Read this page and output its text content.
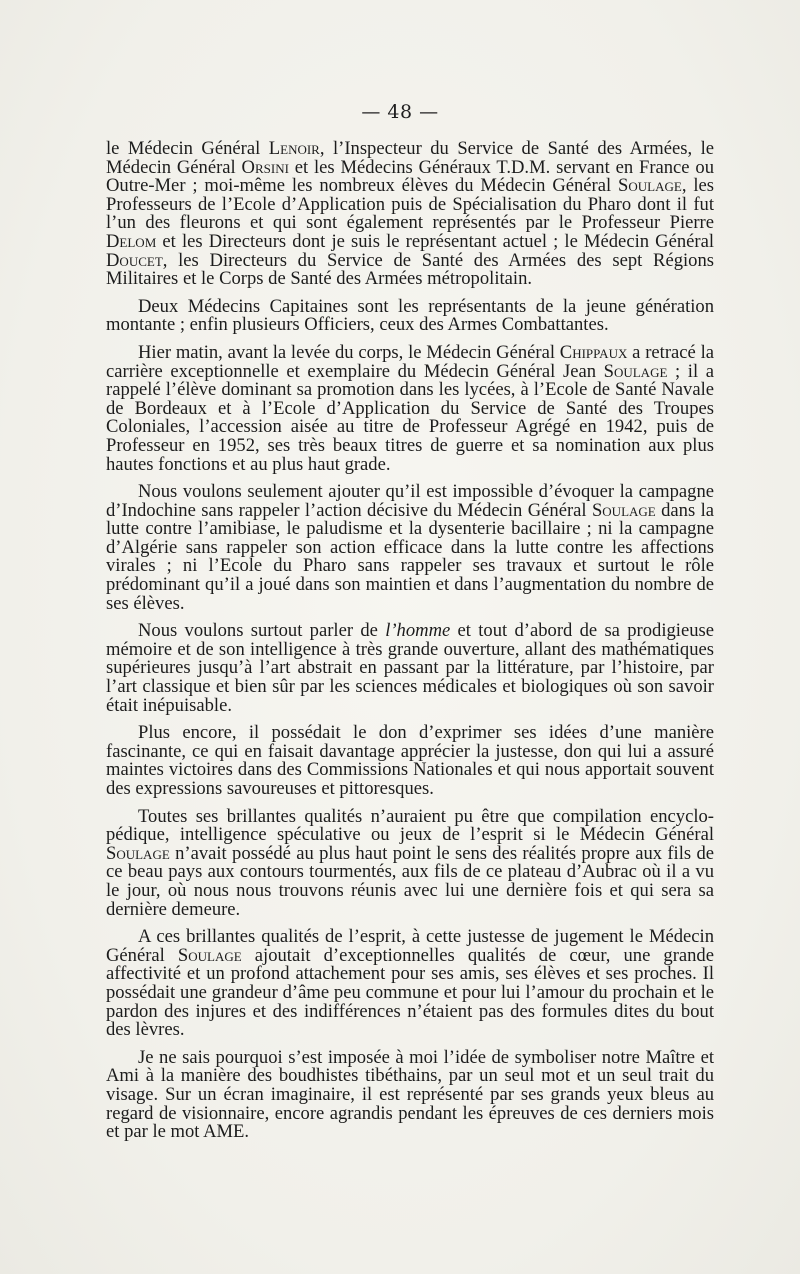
— 48 —

le Médecin Général Lenoir, l’Inspecteur du Service de Santé des Armées, le Médecin Général Orsini et les Médecins Généraux T.D.M. servant en France ou Outre-Mer ; moi-même les nombreux élèves du Médecin Général Soulage, les Professeurs de l’Ecole d’Application puis de Spécialisation du Pharo dont il fut l’un des fleurons et qui sont également représentés par le Professeur Pierre Delom et les Directeurs dont je suis le représentant actuel ; le Médecin Général Doucet, les Directeurs du Service de Santé des Armées des sept Régions Militaires et le Corps de Santé des Armées métropolitain.

Deux Médecins Capitaines sont les représentants de la jeune génération montante ; enfin plusieurs Officiers, ceux des Armes Combattantes.

Hier matin, avant la levée du corps, le Médecin Général Chippaux a retracé la carrière exceptionnelle et exemplaire du Médecin Général Jean Soulage ; il a rappelé l’élève dominant sa promotion dans les lycées, à l’Ecole de Santé Navale de Bordeaux et à l’Ecole d’Application du Service de Santé des Troupes Coloniales, l’accession aisée au titre de Professeur Agrégé en 1942, puis de Professeur en 1952, ses très beaux titres de guerre et sa nomination aux plus hautes fonctions et au plus haut grade.

Nous voulons seulement ajouter qu’il est impossible d’évoquer la campagne d’Indochine sans rappeler l’action décisive du Médecin Général Soulage dans la lutte contre l’amibiase, le paludisme et la dysenterie bacillaire ; ni la campagne d’Algérie sans rappeler son action efficace dans la lutte contre les affections virales ; ni l’Ecole du Pharo sans rappeler ses travaux et surtout le rôle prédominant qu’il a joué dans son maintien et dans l’augmentation du nombre de ses élèves.

Nous voulons surtout parler de l’homme et tout d’abord de sa prodigieuse mémoire et de son intelligence à très grande ouverture, allant des mathématiques supérieures jusqu’à l’art abstrait en passant par la littérature, par l’histoire, par l’art classique et bien sûr par les sciences médicales et biologiques où son savoir était inépuisable.

Plus encore, il possédait le don d’exprimer ses idées d’une manière fascinante, ce qui en faisait davantage apprécier la justesse, don qui lui a assuré maintes victoires dans des Commissions Nationales et qui nous apportait souvent des expressions savoureuses et pittoresques.

Toutes ses brillantes qualités n’auraient pu être que compilation encyclopédique, intelligence spéculative ou jeux de l’esprit si le Médecin Général Soulage n’avait possédé au plus haut point le sens des réalités propre aux fils de ce beau pays aux contours tourmentés, aux fils de ce plateau d’Aubrac où il a vu le jour, où nous nous trouvons réunis avec lui une dernière fois et qui sera sa dernière demeure.

A ces brillantes qualités de l’esprit, à cette justesse de jugement le Médecin Général Soulage ajoutait d’exceptionnelles qualités de cœur, une grande affectivité et un profond attachement pour ses amis, ses élèves et ses proches. Il possédait une grandeur d’âme peu commune et pour lui l’amour du prochain et le pardon des injures et des indifférences n’étaient pas des formules dites du bout des lèvres.

Je ne sais pourquoi s’est imposée à moi l’idée de symboliser notre Maître et Ami à la manière des boudhistes tibéthains, par un seul mot et un seul trait du visage. Sur un écran imaginaire, il est représenté par ses grands yeux bleus au regard de visionnaire, encore agrandis pendant les épreuves de ces derniers mois et par le mot AME.
